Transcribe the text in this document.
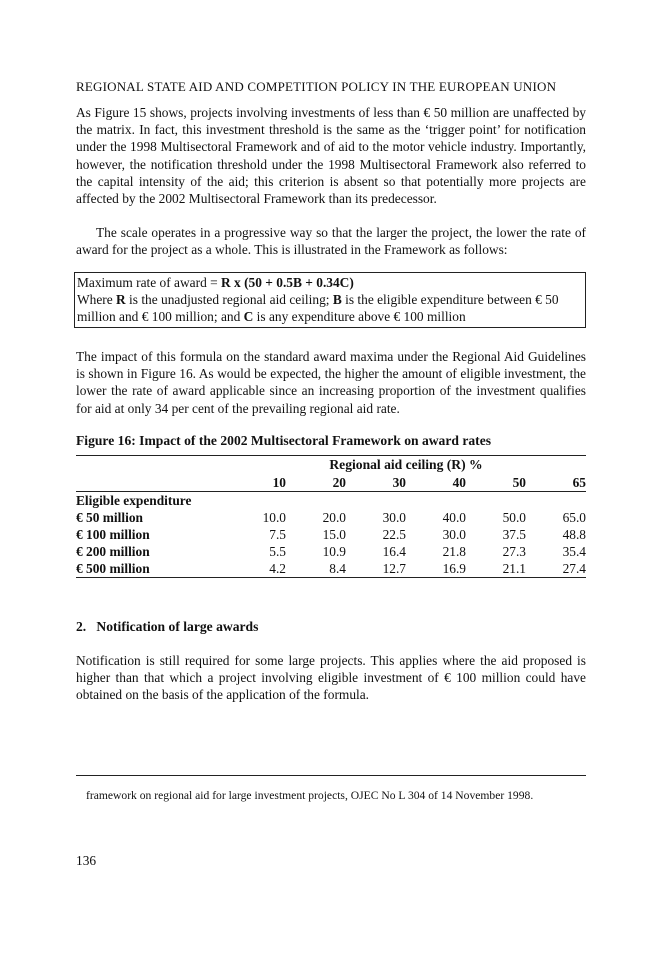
REGIONAL STATE AID AND COMPETITION POLICY IN THE EUROPEAN UNION

As Figure 15 shows, projects involving investments of less than € 50 million are unaffected by the matrix. In fact, this investment threshold is the same as the ‘trigger point’ for notification under the 1998 Multisectoral Framework and of aid to the motor vehicle industry. Importantly, however, the notification threshold under the 1998 Multisectoral Framework also referred to the capital intensity of the aid; this criterion is absent so that potentially more projects are affected by the 2002 Multisectoral Framework than its predecessor.

The scale operates in a progressive way so that the larger the project, the lower the rate of award for the project as a whole. This is illustrated in the Framework as follows:

Maximum rate of award = R x (50 + 0.5B + 0.34C)
Where R is the unadjusted regional aid ceiling; B is the eligible expenditure between € 50
million and € 100 million; and C is any expenditure above € 100 million

The impact of this formula on the standard award maxima under the Regional Aid Guidelines is shown in Figure 16. As would be expected, the higher the amount of eligible investment, the lower the rate of award applicable since an increasing proportion of the investment qualifies for aid at only 34 per cent of the prevailing regional aid rate.

Figure 16: Impact of the 2002 Multisectoral Framework on award rates
	Regional aid ceiling (R) %					
	10	20	30	40	50	65
Eligible expenditure						
€ 50 million	10.0	20.0	30.0	40.0	50.0	65.0
€ 100 million	7.5	15.0	22.5	30.0	37.5	48.8
€ 200 million	5.5	10.9	16.4	21.8	27.3	35.4
€ 500 million	4.2	8.4	12.7	16.9	21.1	27.4
2. Notification of large awards

Notification is still required for some large projects. This applies where the aid proposed is higher than that which a project involving eligible investment of € 100 million could have obtained on the basis of the application of the formula.

framework on regional aid for large investment projects, OJEC No L 304 of 14 November 1998.
136
